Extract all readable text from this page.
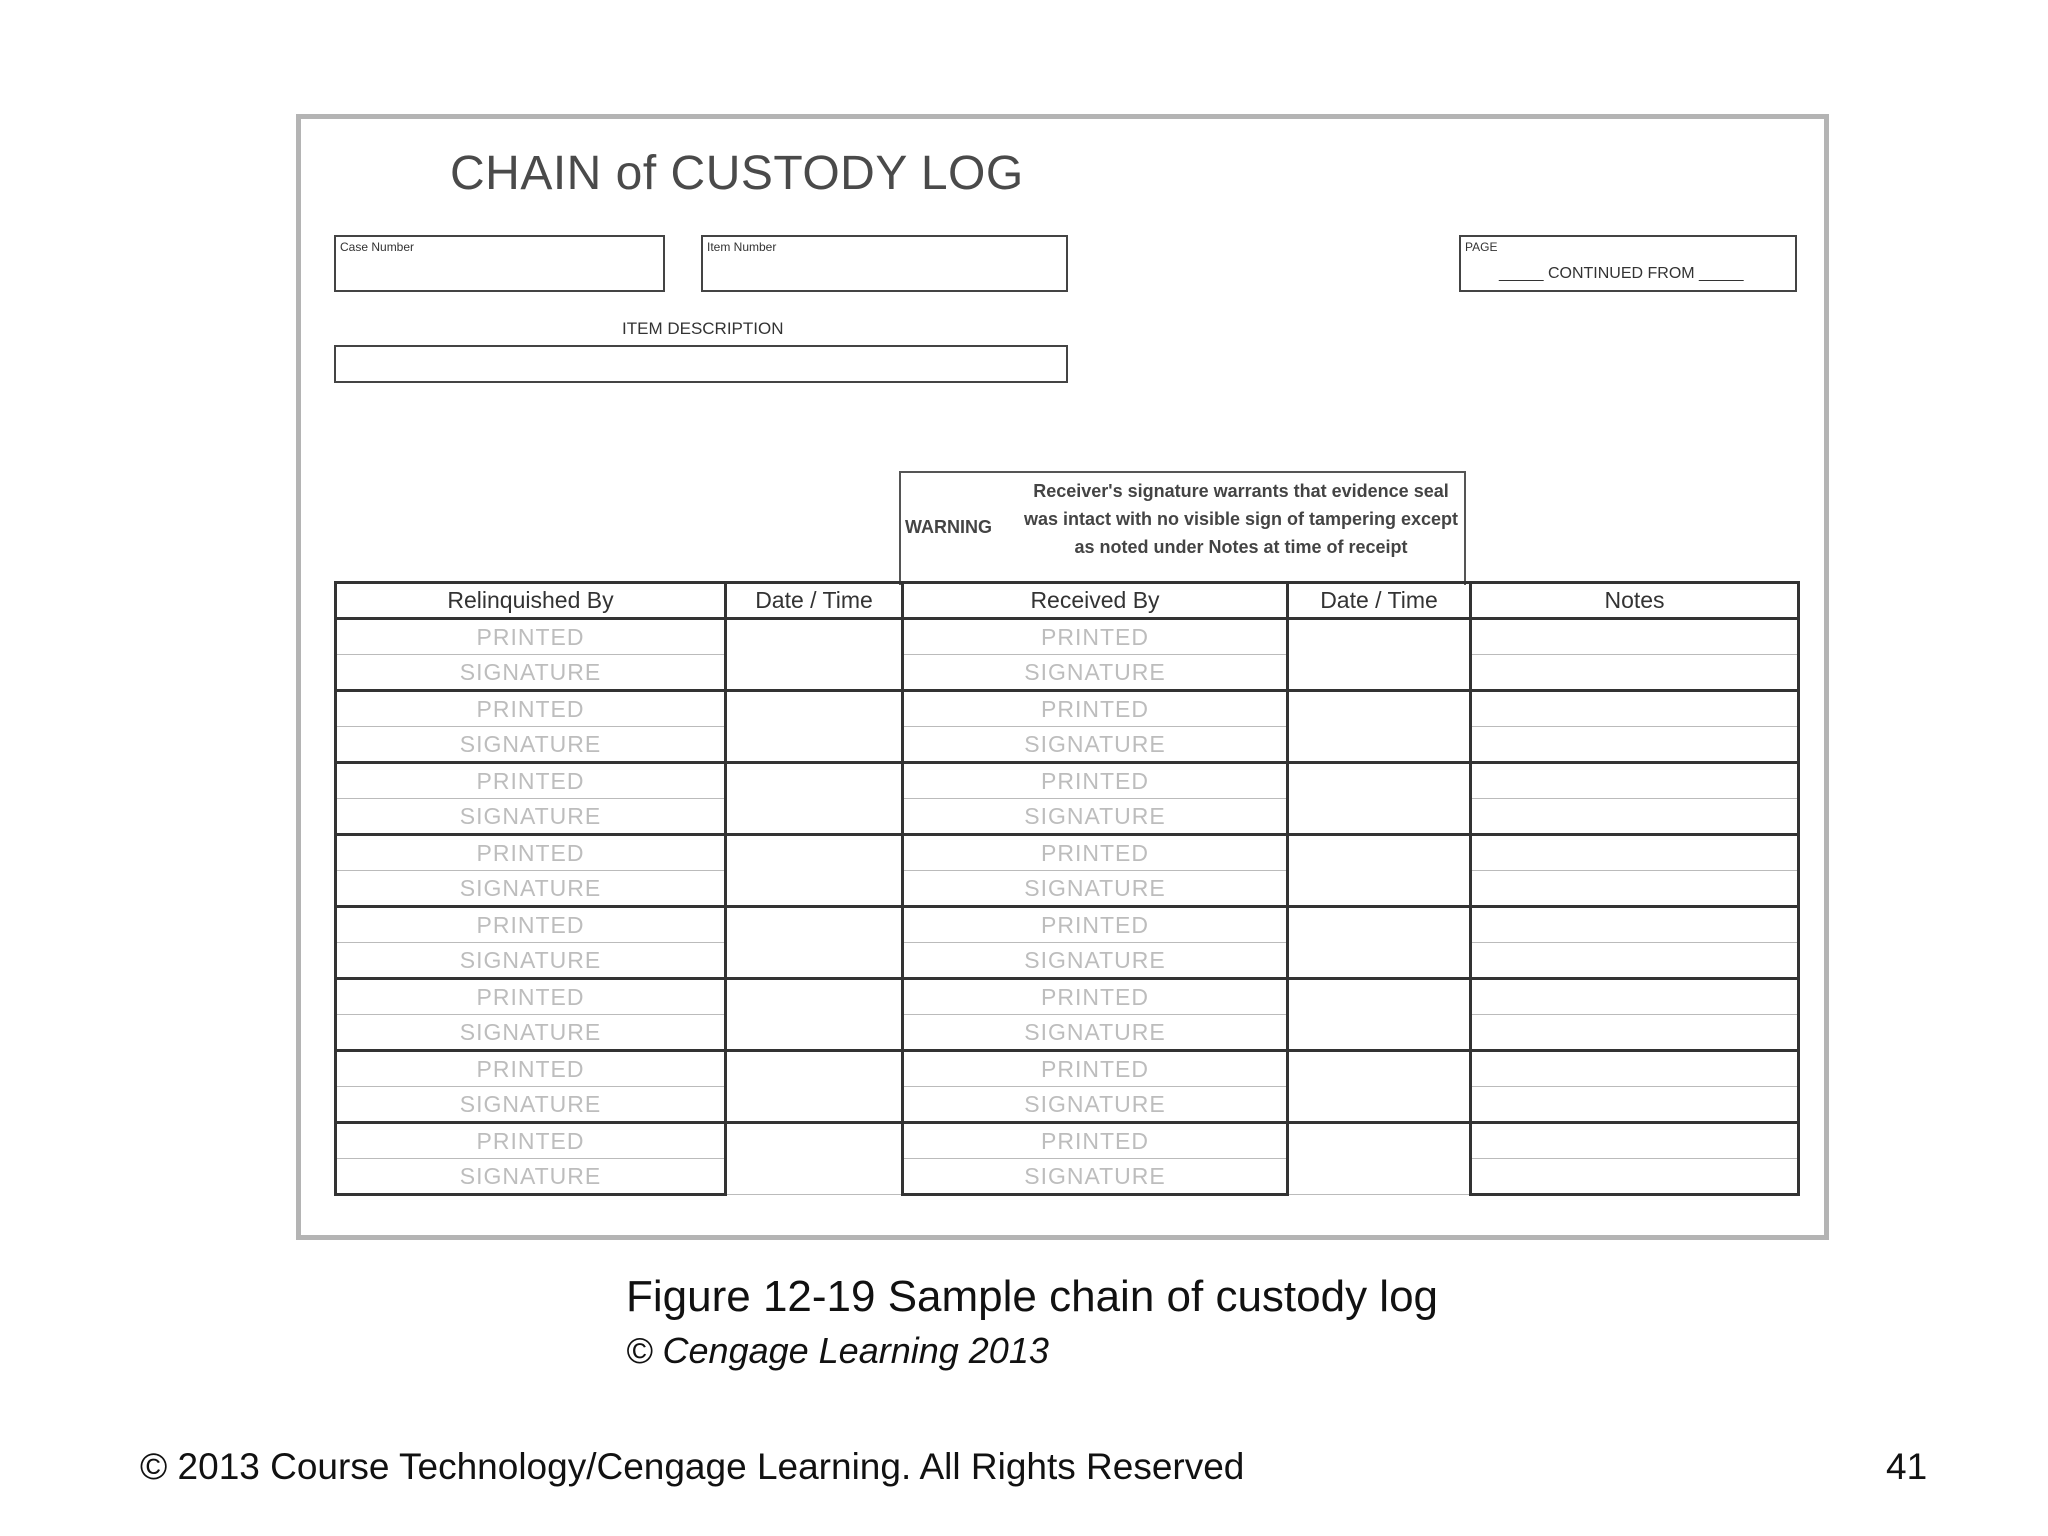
CHAIN of CUSTODY LOG
Case Number	Item Number	PAGE
_____ CONTINUED FROM _____
ITEM DESCRIPTION
WARNING
Receiver's signature warrants that evidence seal was intact with no visible sign of tampering except as noted under Notes at time of receipt
Relinquished By	Date / Time	Received By	Date / Time	Notes
PRINTED		PRINTED		
SIGNATURE		SIGNATURE		
PRINTED		PRINTED		
SIGNATURE		SIGNATURE		
PRINTED		PRINTED		
SIGNATURE		SIGNATURE		
PRINTED		PRINTED		
SIGNATURE		SIGNATURE		
PRINTED		PRINTED		
SIGNATURE		SIGNATURE		
PRINTED		PRINTED		
SIGNATURE		SIGNATURE		
PRINTED		PRINTED		
SIGNATURE		SIGNATURE		
PRINTED		PRINTED		
SIGNATURE		SIGNATURE		
Figure 12-19 Sample chain of custody log
© Cengage Learning 2013
© 2013 Course Technology/Cengage Learning. All Rights Reserved	41
